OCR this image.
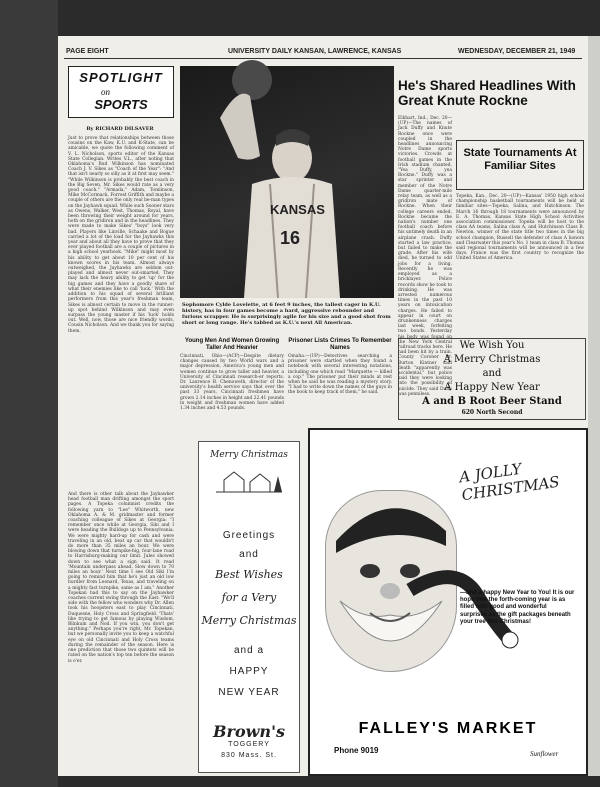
PAGE EIGHT	UNIVERSITY DAILY KANSAN, LAWRENCE, KANSAS	WEDNESDAY, DECEMBER 21, 1949
SPOTLIGHT
on
SPORTS
By RICHARD DILSAVER
Just to prove that relationships between those cousins on the Kaw, K.U. and K-State, can be amicable, we quote the following comment of V. L. Nicholson, sports editor of the Kansas State Collegian. Writes V.L., after noting that Oklahoma's Bud Wilkinson has nominated Coach J. V. Sikes as "Coach of the Year": "And that isn't nearly so silly as it at first may seem." "While Wilkinson is probably the best coach in the Big Seven, Mr. Sikes would rate as a very good coach." "Armada," Adam, Tomlinson, Mike McCormack, Forrest Griffith and maybe a couple of others are the only real be-man types on the Jayhawk squad. While such Sooner stars as Owens, Walker, West, Thomas, Royal, have been throwing their weight around for years, both on the gridiron and in the headlines. They were made to make Sikes' "boys" look very bad. Players like Linville, Schaake and Bogue carried a lot of the load for the Jayhawks this year and about all they have to prove that they ever played football are a couple of pictures in a high school yearbook. "Mike" might most by his ability to get about 10 per cent of his known scores in his team. Almost always outweighed, the Jayhawks are seldom out-played and almost never out-smarted. They may lack the heavy ability to get 'up' for the big games and they have a goodly share of what their enemies like to call 'luck.' With the addition to his squad of several brilliant performers from this year's freshman team, Sikes is almost certain to move in the runner-up spot behind Wilkinson and may even surpass the young master if his 'luck' holds out. Well, now, those are nice friendly words, Cousin Nicholson. And we thank you for saying them.
And there is other talk about the Jayhawker head football man drifting amongst the sport pages. A Topeka columnist credits the following yarn to "Lee" Whitworth, new Oklahoma A. & M. gridmaster and former coaching colleague of Sikes at Georgia: "I remember once while at Georgia, Siki and I were heading the Bulldogs up to Pennsylvania. We were mighty hard-up for cash and were traveling in an old, beat up car that wouldn't do more than 35 miles an hour. We were blowing down that turnpike-big, four-lane road to Harrisburg-making our limit. Jules showed down to see what a sign said. It read 'Mountain underpass ahead. Slow down to 70 miles an hour.' Next time I see Old Siki I'm going to remind him that he's just an old low hurdler from Leonard, Texas, and traveling on a mighty fast turnpike, same as I am." Another Topekan had this to say on the Jayhawker coaches current swing through the East: "We'll side with the fellow who wonders why Dr. Allen took his hoopsters east to play Cincinnati, Duquesne, Holy Cross and Springfield. 'Thats' like trying to get famous by playing Wisdom, Blinkum and Nod. If you win, you don't get anything." Perhaps you're right, Mr. Topekan, but we personally invite you to keep a watchful eye on old Cincinnati and Holy Cross teams during the remainder of the season. Here is one prediction that those two quintets will be rated on the nation's top ten before the season is o'er.
KANSAS
16
Sophomore Cylde Lovelette, at 6 feet 9 inches, the tallest cager in K.U. history, has in four games become a hard, aggressive rebounder and furious scrapper. He is surprisingly agile for his size and a good shot from short or long range. He's tabbed as K.U.'s next All American.
He's Shared Headlines With Great Knute Rockne
Elkhart, Ind., Dec. 20—(UP)—The names of Jack Duffy and Knute Rockne once were coupled in the headlines announcing Notre Dame sports victories. Crowds at football games in the Irish stadium chanted, "Yea Duffy, yea Rockne." Duffy was a star sprinter and member of the Notre Dame quarter-mile relay team, as well as a gridiron mate of Rockne. When their college careers ended, Rockne became the nation's number one football coach before his untimely death in an airplane crash. Duffy started a law practice, but failed to make the grade. After his wife died, he turned to odd jobs for a living. Recently he was employed as a bricklayer. Police records show he took to drinking. He was arrested numerous times in the past 10 years on intoxication charges. He failed to appear in court on drunkenness charges last week, forfeiting two bonds. Yesterday his body was found on the New York Central railroad tracks here. He had been hit by a train. County Coroner Dr. Burton Kintner said death "apparently was accidental," but police said they were looking into the possibility of suicide. They said Duffy was penniless.
State Tournaments At Familiar Sites
Topeka, Kan., Dec. 20—(UP)—Kansas' 1950 high school championship basketball tournaments will be held at familiar sites—Topeka, Salina, and Hutchinson. The March 16 through 18 tournaments were announced by E. A. Thomas, Kansas State High School Activities association commissioner. Topeka will be host to the class AA teams, Salina class A, and Hutchinson Class B. Newton, winner of the state title two times in the big school champion, Russell the defender of class A honors and Clearwater this year's No. 1 team in class B. Thomas said regional tournaments will be announced in a few days. France was the first country to recognize the United States of America.
Young Men And Women Growing Taller And Heavier
Cincinnati, Ohio—(ACP)—Despite dietary changes caused by two World wars and a major depression, America's young men and women continue to grow taller and heavier, a University of Cincinnati research-er reports. Dr. Laurence B. Chenoweth, director of the university's health service says that over the past 33 years, Cincinnati freshmen have grown 2.14 inches in height and 22.41 pounds in weight and freshman women have added 1.34 inches and 4.53 pounds.
Prisoner Lists Crimes To Remember Names
Omaha.—(UP)—Detectives searching a prisoner were startled when they found a notebook with several interesting notations, including one which read "Marquette — killed a cop." The prisoner put their minds at rest when he said he was reading a mystery story. "I had to write down the names of the guys in the book to keep track of them," he said.
We Wish You
A Merry Christmas
and
A Happy New Year
A and B Root Beer Stand
620 North Second
Merry Christmas
Greetings
and
Best Wishes
for a Very
Merry Christmas
and a
HAPPY
NEW YEAR
Brown's
TOGGERY
830 Mass. St.
A JOLLY CHRISTMAS
—and a happy New Year to You! It is our hope that the forth-coming year is as filled with good and wonderful surprises as the gift packages beneath your tree this Christmas!
FALLEY'S MARKET
Phone 9019	Sunflower
